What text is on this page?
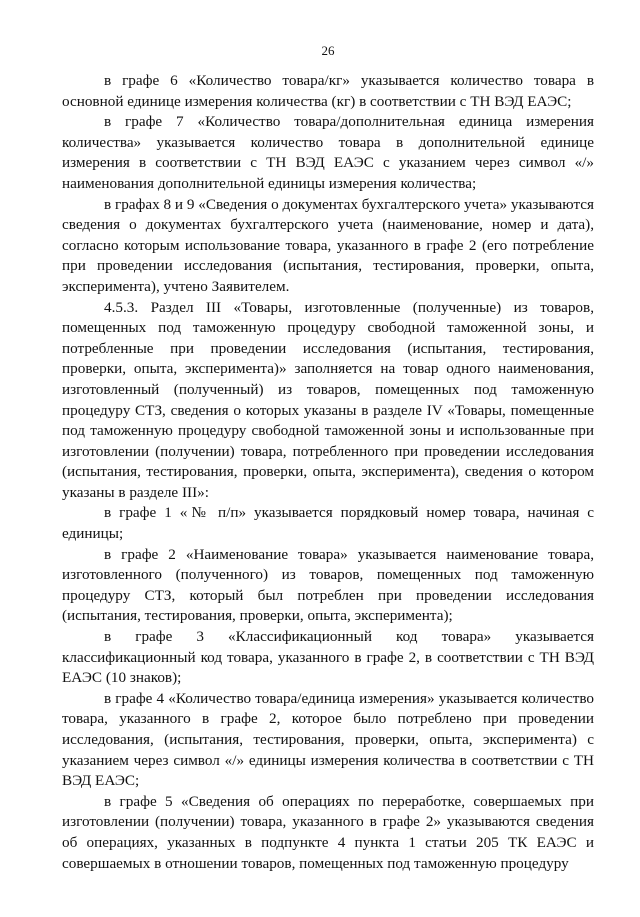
26

в графе 6 «Количество товара/кг» указывается количество товара в основной единице измерения количества (кг) в соответствии с ТН ВЭД ЕАЭС;

в графе 7 «Количество товара/дополнительная единица измерения количества» указывается количество товара в дополнительной единице измерения в соответствии с ТН ВЭД ЕАЭС с указанием через символ «/» наименования дополнительной единицы измерения количества;

в графах 8 и 9 «Сведения о документах бухгалтерского учета» указываются сведения о документах бухгалтерского учета (наименование, номер и дата), согласно которым использование товара, указанного в графе 2 (его потребление при проведении исследования (испытания, тестирования, проверки, опыта, эксперимента), учтено Заявителем.

4.5.3. Раздел III «Товары, изготовленные (полученные) из товаров, помещенных под таможенную процедуру свободной таможенной зоны, и потребленные при проведении исследования (испытания, тестирования, проверки, опыта, эксперимента)» заполняется на товар одного наименования, изготовленный (полученный) из товаров, помещенных под таможенную процедуру СТЗ, сведения о которых указаны в разделе IV «Товары, помещенные под таможенную процедуру свободной таможенной зоны и использованные при изготовлении (получении) товара, потребленного при проведении исследования (испытания, тестирования, проверки, опыта, эксперимента), сведения о котором указаны в разделе III»:

в графе 1 «№ п/п» указывается порядковый номер товара, начиная с единицы;

в графе 2 «Наименование товара» указывается наименование товара, изготовленного (полученного) из товаров, помещенных под таможенную процедуру СТЗ, который был потреблен при проведении исследования (испытания, тестирования, проверки, опыта, эксперимента);

в графе 3 «Классификационный код товара» указывается классификационный код товара, указанного в графе 2, в соответствии с ТН ВЭД ЕАЭС (10 знаков);

в графе 4 «Количество товара/единица измерения» указывается количество товара, указанного в графе 2, которое было потреблено при проведении исследования, (испытания, тестирования, проверки, опыта, эксперимента) с указанием через символ «/» единицы измерения количества в соответствии с ТН ВЭД ЕАЭС;

в графе 5 «Сведения об операциях по переработке, совершаемых при изготовлении (получении) товара, указанного в графе 2» указываются сведения об операциях, указанных в подпункте 4 пункта 1 статьи 205 ТК ЕАЭС и совершаемых в отношении товаров, помещенных под таможенную процедуру
